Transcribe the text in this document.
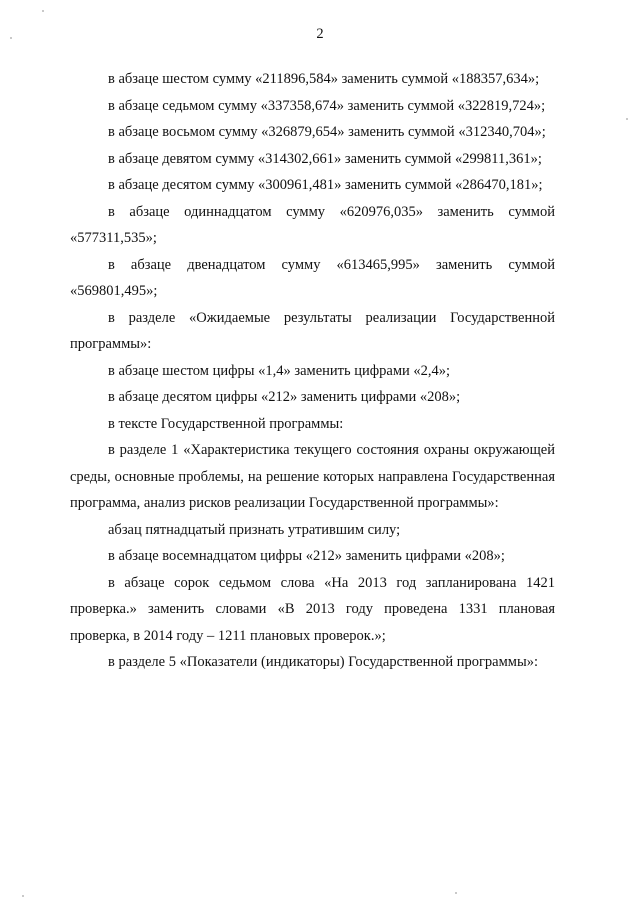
2

в абзаце шестом сумму «211896,584» заменить суммой «188357,634»;

в абзаце седьмом сумму «337358,674» заменить суммой «322819,724»;

в абзаце восьмом сумму «326879,654» заменить суммой «312340,704»;

в абзаце девятом сумму «314302,661» заменить суммой «299811,361»;

в абзаце десятом сумму «300961,481» заменить суммой «286470,181»;

в абзаце одиннадцатом сумму «620976,035» заменить суммой «577311,535»;

в абзаце двенадцатом сумму «613465,995» заменить суммой «569801,495»;

в разделе «Ожидаемые результаты реализации Государственной программы»:

в абзаце шестом цифры «1,4» заменить цифрами «2,4»;

в абзаце десятом цифры «212» заменить цифрами «208»;

в тексте Государственной программы:

в разделе 1 «Характеристика текущего состояния охраны окружающей среды, основные проблемы, на решение которых направлена Государственная программа, анализ рисков реализации Государственной программы»:

абзац пятнадцатый признать утратившим силу;

в абзаце восемнадцатом цифры «212» заменить цифрами «208»;

в абзаце сорок седьмом слова «На 2013 год запланирована 1421 проверка.» заменить словами «В 2013 году проведена 1331 плановая проверка, в 2014 году – 1211 плановых проверок.»;

в разделе 5 «Показатели (индикаторы) Государственной программы»:
